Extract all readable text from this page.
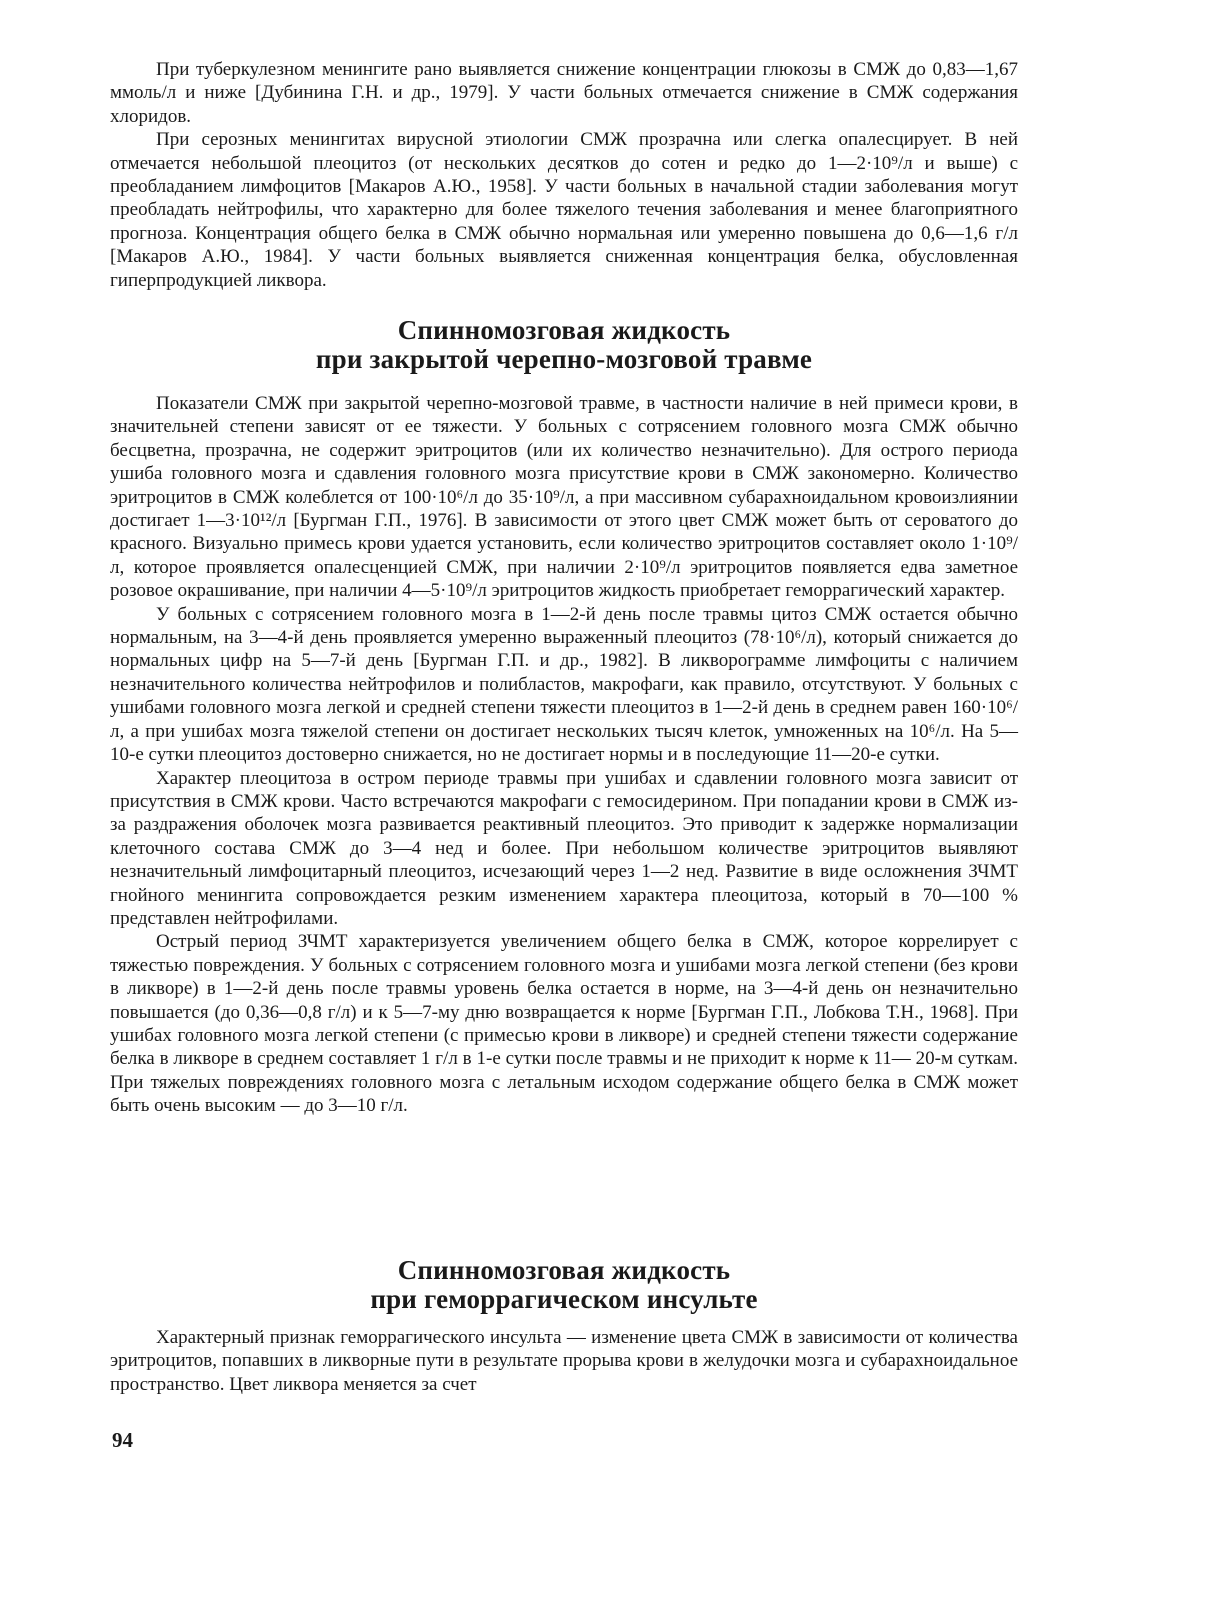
При туберкулезном менингите рано выявляется снижение концентрации глюкозы в СМЖ до 0,83—1,67 ммоль/л и ниже [Дубинина Г.Н. и др., 1979]. У части больных отмечается снижение в СМЖ содержания хлоридов.

При серозных менингитах вирусной этиологии СМЖ прозрачна или слегка опалесцирует. В ней отмечается небольшой плеоцитоз (от нескольких десятков до сотен и редко до 1—2·10⁹/л и выше) с преобладанием лимфоцитов [Макаров А.Ю., 1958]. У части больных в начальной стадии заболевания могут преобладать нейтрофилы, что характерно для более тяжелого течения заболевания и менее благоприятного прогноза. Концентрация общего белка в СМЖ обычно нормальная или умеренно повышена до 0,6—1,6 г/л [Макаров А.Ю., 1984]. У части больных выявляется сниженная концентрация белка, обусловленная гиперпродукцией ликвора.

Спинномозговая жидкость
при закрытой черепно-мозговой травме

Показатели СМЖ при закрытой черепно-мозговой травме, в частности наличие в ней примеси крови, в значительней степени зависят от ее тяжести. У больных с сотрясением головного мозга СМЖ обычно бесцветна, прозрачна, не содержит эритроцитов (или их количество незначительно). Для острого периода ушиба головного мозга и сдавления головного мозга присутствие крови в СМЖ закономерно. Количество эритроцитов в СМЖ колеблется от 100·10⁶/л до 35·10⁹/л, а при массивном субарахноидальном кровоизлиянии достигает 1—3·10¹²/л [Бургман Г.П., 1976]. В зависимости от этого цвет СМЖ может быть от сероватого до красного. Визуально примесь крови удается установить, если количество эритроцитов составляет около 1·10⁹/л, которое проявляется опалесценцией СМЖ, при наличии 2·10⁹/л эритроцитов появляется едва заметное розовое окрашивание, при наличии 4—5·10⁹/л эритроцитов жидкость приобретает геморрагический характер.

У больных с сотрясением головного мозга в 1—2-й день после травмы цитоз СМЖ остается обычно нормальным, на 3—4-й день проявляется умеренно выраженный плеоцитоз (78·10⁶/л), который снижается до нормальных цифр на 5—7-й день [Бургман Г.П. и др., 1982]. В ликворограмме лимфоциты с наличием незначительного количества нейтрофилов и полибластов, макрофаги, как правило, отсутствуют. У больных с ушибами головного мозга легкой и средней степени тяжести плеоцитоз в 1—2-й день в среднем равен 160·10⁶/л, а при ушибах мозга тяжелой степени он достигает нескольких тысяч клеток, умноженных на 10⁶/л. На 5—10-е сутки плеоцитоз достоверно снижается, но не достигает нормы и в последующие 11—20-е сутки.

Характер плеоцитоза в остром периоде травмы при ушибах и сдавлении головного мозга зависит от присутствия в СМЖ крови. Часто встречаются макрофаги с гемосидерином. При попадании крови в СМЖ из-за раздражения оболочек мозга развивается реактивный плеоцитоз. Это приводит к задержке нормализации клеточного состава СМЖ до 3—4 нед и более. При небольшом количестве эритроцитов выявляют незначительный лимфоцитарный плеоцитоз, исчезающий через 1—2 нед. Развитие в виде осложнения ЗЧМТ гнойного менингита сопровождается резким изменением характера плеоцитоза, который в 70—100 % представлен нейтрофилами.

Острый период ЗЧМТ характеризуется увеличением общего белка в СМЖ, которое коррелирует с тяжестью повреждения. У больных с сотрясением головного мозга и ушибами мозга легкой степени (без крови в ликворе) в 1—2-й день после травмы уровень белка остается в норме, на 3—4-й день он незначительно повышается (до 0,36—0,8 г/л) и к 5—7-му дню возвращается к норме [Бургман Г.П., Лобкова Т.Н., 1968]. При ушибах головного мозга легкой степени (с примесью крови в ликворе) и средней степени тяжести содержание белка в ликворе в среднем составляет 1 г/л в 1-е сутки после травмы и не приходит к норме к 11— 20-м суткам. При тяжелых повреждениях головного мозга с летальным исходом содержание общего белка в СМЖ может быть очень высоким — до 3—10 г/л.

Спинномозговая жидкость
при геморрагическом инсульте

Характерный признак геморрагического инсульта — изменение цвета СМЖ в зависимости от количества эритроцитов, попавших в ликворные пути в результате прорыва крови в желудочки мозга и субарахноидальное пространство. Цвет ликвора меняется за счет

94
